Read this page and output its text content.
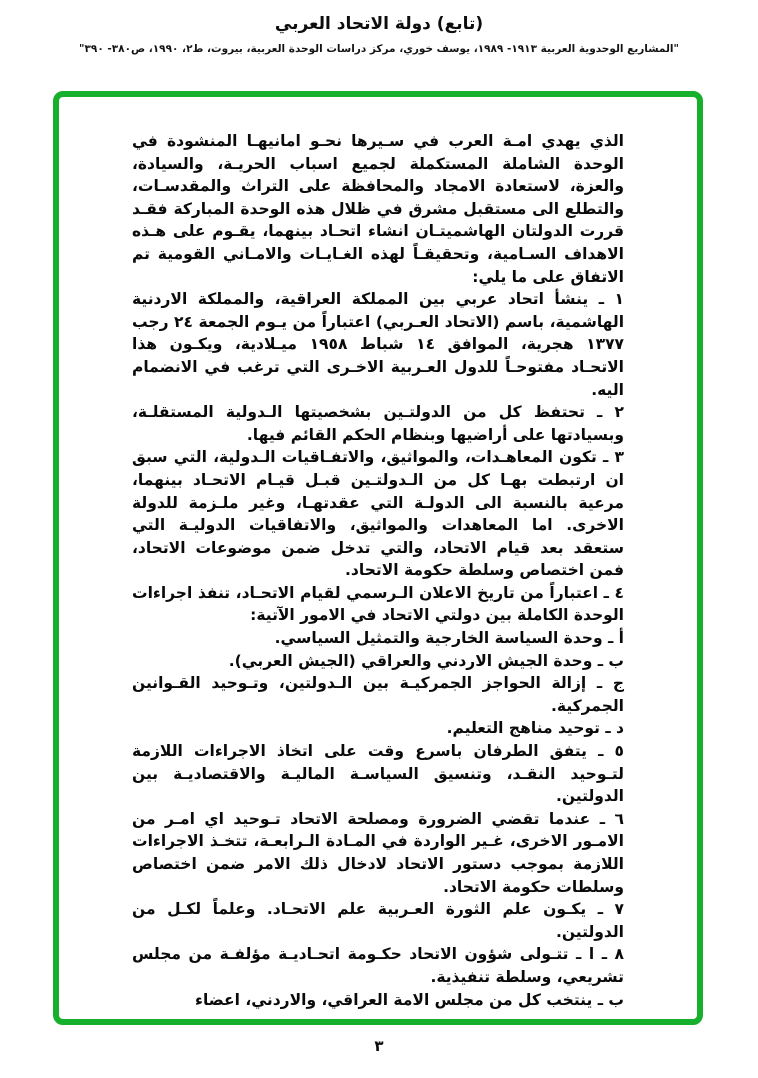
(تابع) دولة الاتحاد العربي
"المشاريع الوحدوية العربية ١٩١٣- ١٩٨٩، يوسف خوري، مركز دراسات الوحدة العربية، بيروت، ط٢، ١٩٩٠، ص٣٨٠- ٣٩٠"

الذي يهدي امـة العرب في سـيرها نحـو امانيهـا المنشودة في الوحدة الشاملة المستكملة لجميع اسباب الحريـة، والسيادة، والعزة، لاستعادة الامجاد والمحافظة على التراث والمقدسـات، والتطلع الى مستقبل مشرق في ظلال هذه الوحدة المباركة فقـد قررت الدولتان الهاشميتـان انشاء اتحـاد بينهما، يقـوم على هـذه الاهداف السـامية، وتحقيقـاً لهذه الغـايـات والامـاني القومية تم الاتفاق على ما يلي:

١ ـ ينشأ اتحاد عربي بين المملكة العراقية، والمملكة الاردنية الهاشمية، باسم (الاتحاد العـربي) اعتباراً من يـوم الجمعة ٢٤ رجب ١٣٧٧ هجرية، الموافق ١٤ شباط ١٩٥٨ ميـلادية، ويكـون هذا الاتحـاد مفتوحـاً للدول العـربية الاخـرى التي ترغب في الانضمام اليه.

٢ ـ تحتفظ كل من الدولتـين بشخصيتها الـدولية المستقلـة، وبسيادتها على أراضيها وبنظام الحكم القائم فيها.

٣ ـ تكون المعاهـدات، والمواثيق، والاتفـاقيات الـدولية، التي سبق ان ارتبطت بهـا كل من الـدولتـين قبـل قيـام الاتحـاد بينهما، مرعية بالنسبة الى الدولـة التي عقدتهـا، وغير ملـزمة للدولة الاخرى. اما المعاهدات والمواثيق، والاتفاقيات الدوليـة التي ستعقد بعد قيام الاتحاد، والتي تدخل ضمن موضوعات الاتحاد، فمن اختصاص وسلطة حكومة الاتحاد.

٤ ـ اعتباراً من تاريخ الاعلان الـرسمي لقيام الاتحـاد، تنفذ اجراءات الوحدة الكاملة بين دولتي الاتحاد في الامور الآتية:

أ ـ وحدة السياسة الخارجية والتمثيل السياسي.

ب ـ وحدة الجيش الاردني والعراقي (الجيش العربي).

ج ـ إزالة الحواجز الجمركيـة بين الـدولتين، وتـوحيد القـوانين الجمركية.

د ـ توحيد مناهج التعليم.

٥ ـ يتفق الطرفان باسرع وقت على اتخاذ الاجراءات اللازمة لتـوحيد النقـد، وتنسيق السياسـة الماليـة والاقتصاديـة بين الدولتين.

٦ ـ عندما تقضي الضرورة ومصلحة الاتحاد تـوحيد اي امـر من الامـور الاخرى، غـير الواردة في المـادة الـرابعـة، تتخـذ الاجراءات اللازمة بموجب دستور الاتحاد لادخال ذلك الامر ضمن اختصاص وسلطات حكومة الاتحاد.

٧ ـ يكـون علم الثورة العـربية علم الاتحـاد. وعلماً لكـل من الدولتين.

٨ ـ ا ـ تتـولى شؤون الاتحاد حكـومة اتحـاديـة مؤلفـة من مجلس تشريعي، وسلطة تنفيذية.

ب ـ ينتخب كل من مجلس الامة العراقي، والاردني، اعضاء

٣
